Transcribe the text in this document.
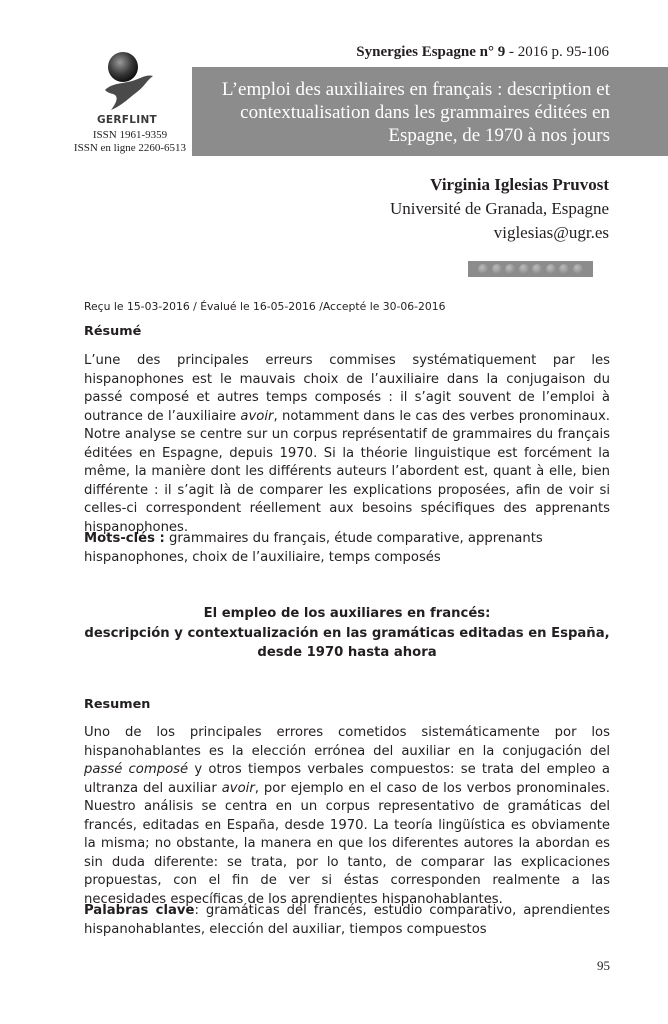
Synergies Espagne n° 9 - 2016 p. 95-106
GERFLINT
ISSN 1961-9359
ISSN en ligne 2260-6513
L’emploi des auxiliaires en français : description et contextualisation dans les grammaires éditées en Espagne, de 1970 à nos jours
Virginia Iglesias Pruvost
Université de Granada, Espagne
viglesias@ugr.es
Reçu le 15-03-2016 / Évalué le 16-05-2016 /Accepté le 30-06-2016
Résumé
L’une des principales erreurs commises systématiquement par les hispanophones est le mauvais choix de l’auxiliaire dans la conjugaison du passé composé et autres temps composés : il s’agit souvent de l’emploi à outrance de l’auxiliaire avoir, notamment dans le cas des verbes pronominaux. Notre analyse se centre sur un corpus représentatif de grammaires du français éditées en Espagne, depuis 1970. Si la théorie linguistique est forcément la même, la manière dont les différents auteurs l’abordent est, quant à elle, bien différente : il s’agit là de comparer les explications proposées, afin de voir si celles-ci correspondent réellement aux besoins spécifiques des apprenants hispanophones.
Mots-clés : grammaires du français, étude comparative, apprenants hispanophones, choix de l’auxiliaire, temps composés
El empleo de los auxiliares en francés:
descripción y contextualización en las gramáticas editadas en España, desde 1970 hasta ahora
Resumen
Uno de los principales errores cometidos sistemáticamente por los hispanohablantes es la elección errónea del auxiliar en la conjugación del passé composé y otros tiempos verbales compuestos: se trata del empleo a ultranza del auxiliar avoir, por ejemplo en el caso de los verbos pronominales. Nuestro análisis se centra en un corpus representativo de gramáticas del francés, editadas en España, desde 1970. La teoría lingüística es obviamente la misma; no obstante, la manera en que los diferentes autores la abordan es sin duda diferente: se trata, por lo tanto, de comparar las explicaciones propuestas, con el fin de ver si éstas corresponden realmente a las necesidades específicas de los aprendientes hispanohablantes.
Palabras clave: gramáticas del francés, estudio comparativo, aprendientes hispanohablantes, elección del auxiliar, tiempos compuestos
95
